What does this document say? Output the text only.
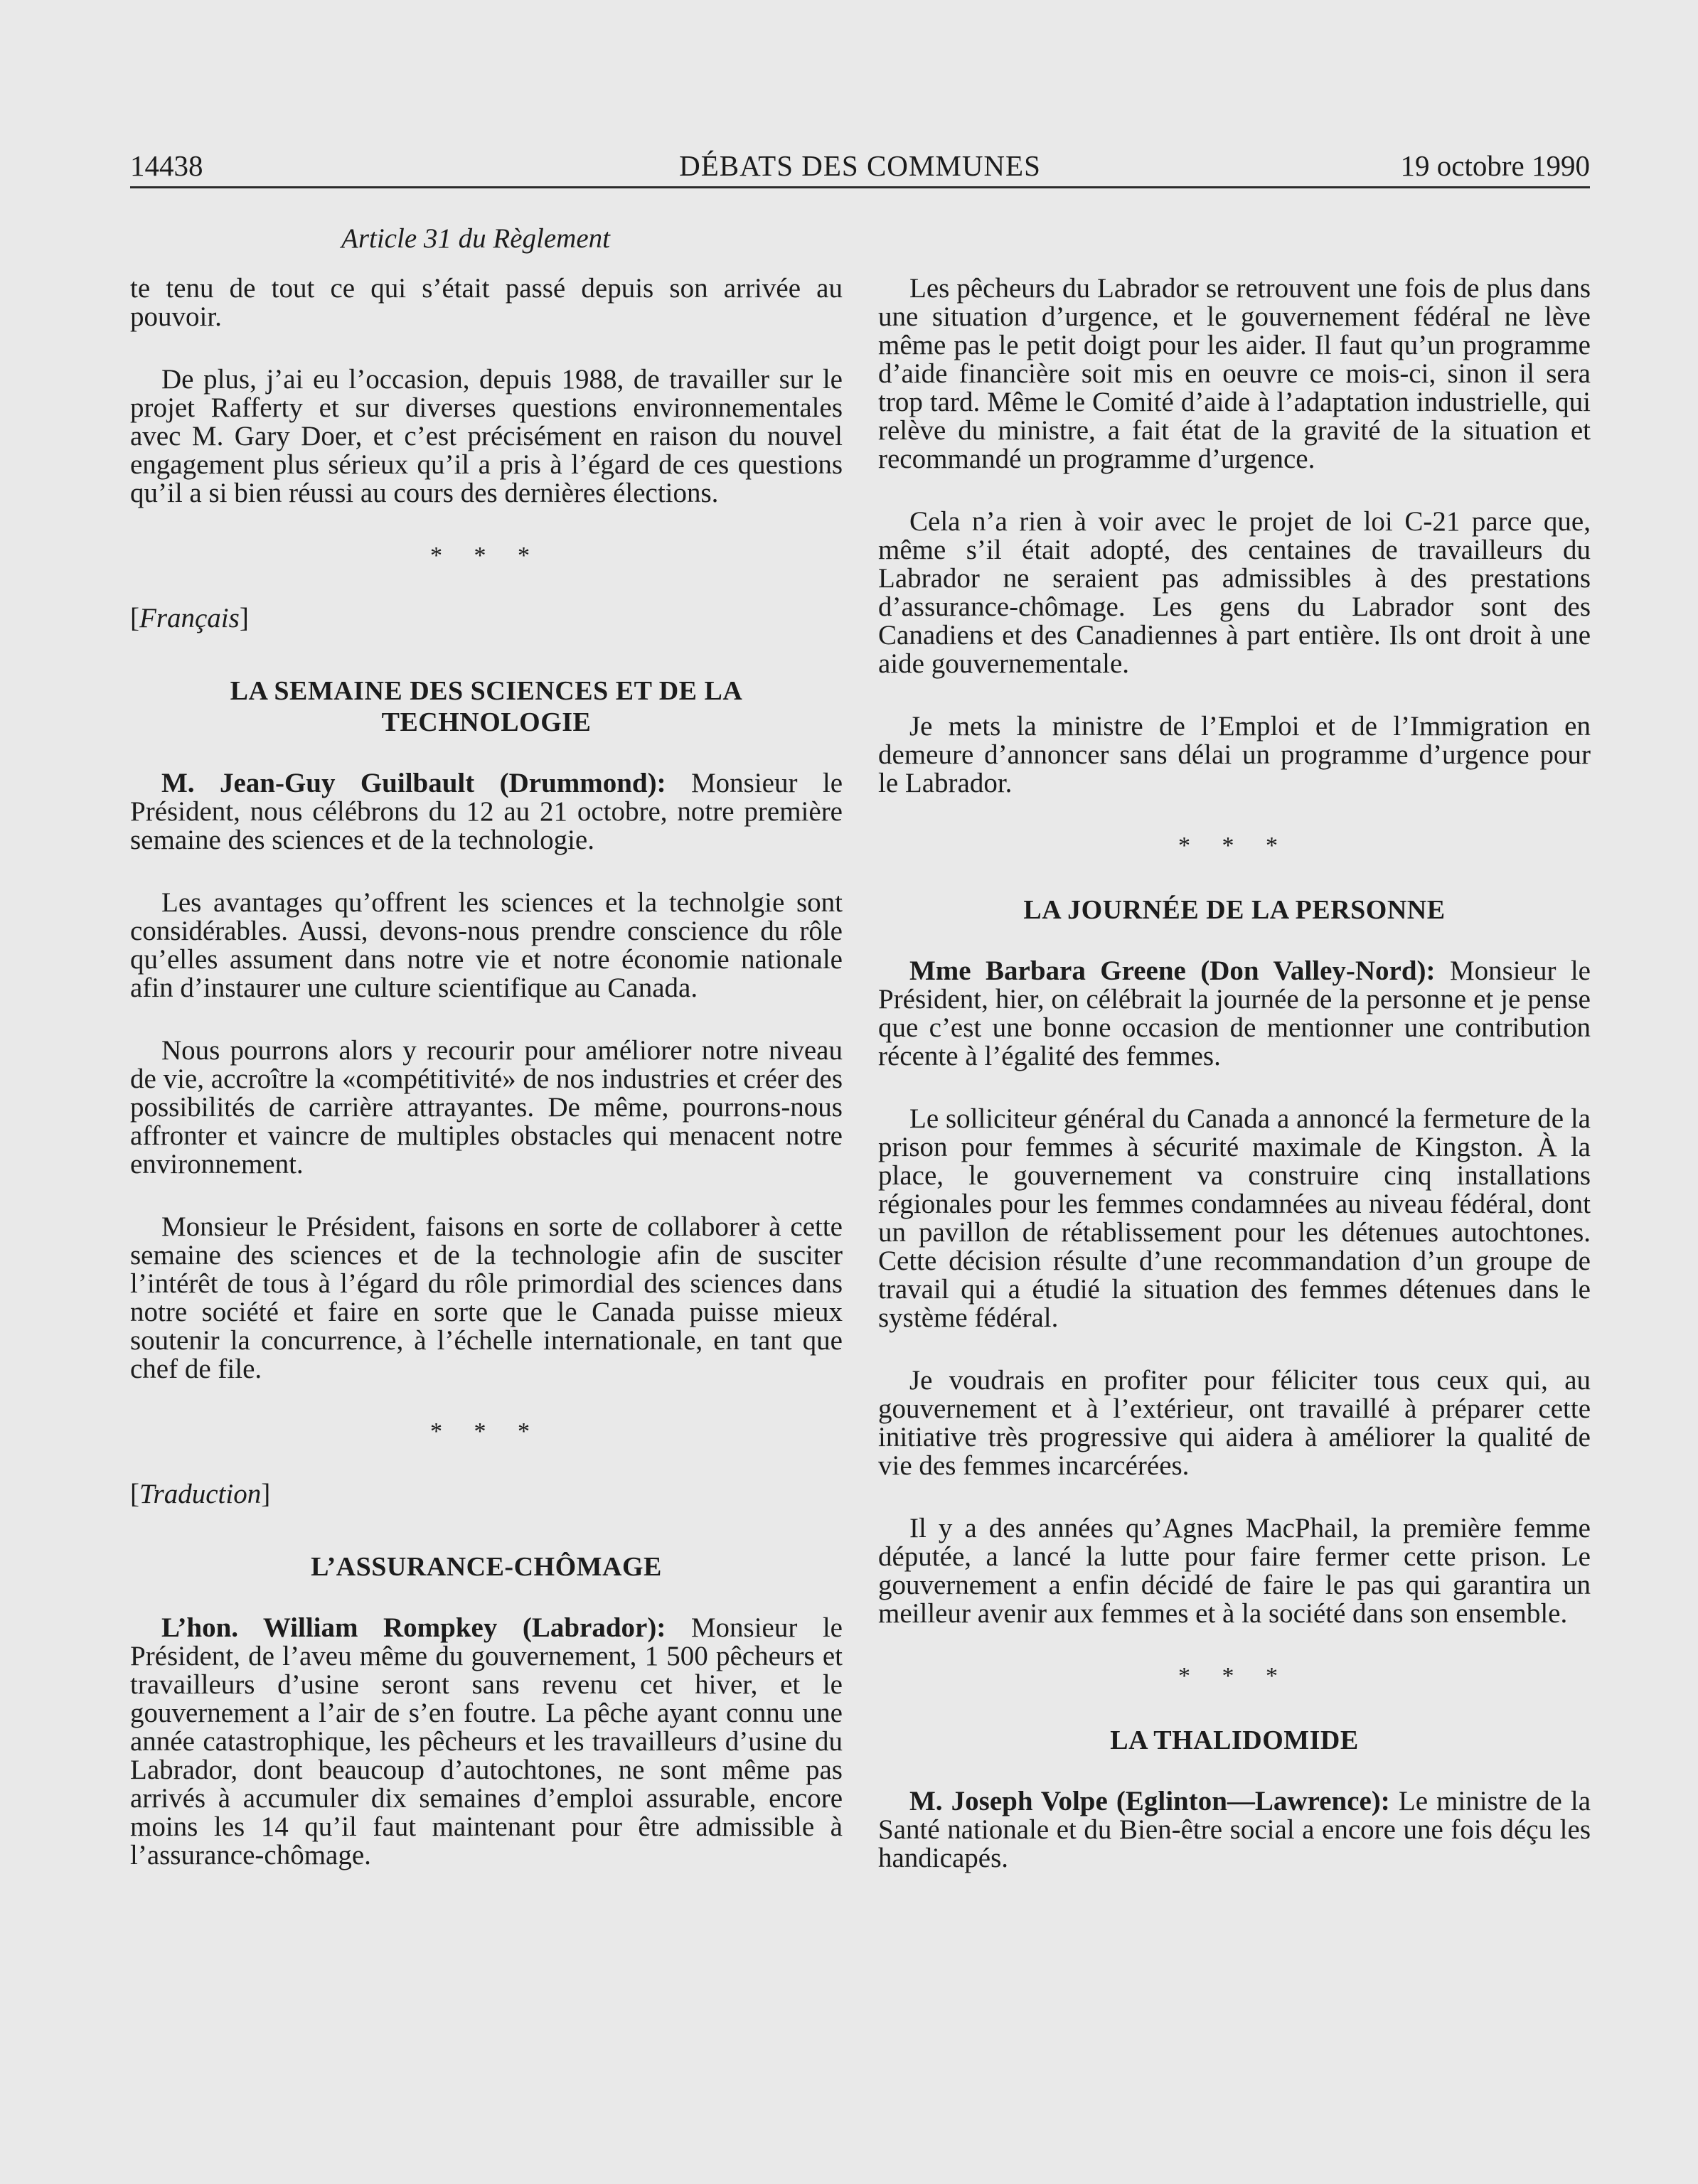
14438	DÉBATS DES COMMUNES	19 octobre 1990
Article 31 du Règlement

te tenu de tout ce qui s’était passé depuis son arrivée au pouvoir.

De plus, j’ai eu l’occasion, depuis 1988, de travailler sur le projet Rafferty et sur diverses questions environnementales avec M. Gary Doer, et c’est précisément en raison du nouvel engagement plus sérieux qu’il a pris à l’égard de ces questions qu’il a si bien réussi au cours des dernières élections.

* * *
[Français]
LA SEMAINE DES SCIENCES ET DE LA TECHNOLOGIE

M. Jean-Guy Guilbault (Drummond): Monsieur le Président, nous célébrons du 12 au 21 octobre, notre première semaine des sciences et de la technologie.

Les avantages qu’offrent les sciences et la technolgie sont considérables. Aussi, devons-nous prendre conscience du rôle qu’elles assument dans notre vie et notre économie nationale afin d’instaurer une culture scientifique au Canada.

Nous pourrons alors y recourir pour améliorer notre niveau de vie, accroître la «compétitivité» de nos industries et créer des possibilités de carrière attrayantes. De même, pourrons-nous affronter et vaincre de multiples obstacles qui menacent notre environnement.

Monsieur le Président, faisons en sorte de collaborer à cette semaine des sciences et de la technologie afin de susciter l’intérêt de tous à l’égard du rôle primordial des sciences dans notre société et faire en sorte que le Canada puisse mieux soutenir la concurrence, à l’échelle internationale, en tant que chef de file.

* * *
[Traduction]
L’ASSURANCE-CHÔMAGE

L’hon. William Rompkey (Labrador): Monsieur le Président, de l’aveu même du gouvernement, 1 500 pêcheurs et travailleurs d’usine seront sans revenu cet hiver, et le gouvernement a l’air de s’en foutre. La pêche ayant connu une année catastrophique, les pêcheurs et les travailleurs d’usine du Labrador, dont beaucoup d’autochtones, ne sont même pas arrivés à accumuler dix semaines d’emploi assurable, encore moins les 14 qu’il faut maintenant pour être admissible à l’assurance-chômage.

Les pêcheurs du Labrador se retrouvent une fois de plus dans une situation d’urgence, et le gouvernement fédéral ne lève même pas le petit doigt pour les aider. Il faut qu’un programme d’aide financière soit mis en oeuvre ce mois-ci, sinon il sera trop tard. Même le Comité d’aide à l’adaptation industrielle, qui relève du ministre, a fait état de la gravité de la situation et recommandé un programme d’urgence.

Cela n’a rien à voir avec le projet de loi C-21 parce que, même s’il était adopté, des centaines de travailleurs du Labrador ne seraient pas admissibles à des prestations d’assurance-chômage. Les gens du Labrador sont des Canadiens et des Canadiennes à part entière. Ils ont droit à une aide gouvernementale.

Je mets la ministre de l’Emploi et de l’Immigration en demeure d’annoncer sans délai un programme d’urgence pour le Labrador.

* * *
LA JOURNÉE DE LA PERSONNE

Mme Barbara Greene (Don Valley-Nord): Monsieur le Président, hier, on célébrait la journée de la personne et je pense que c’est une bonne occasion de mentionner une contribution récente à l’égalité des femmes.

Le solliciteur général du Canada a annoncé la fermeture de la prison pour femmes à sécurité maximale de Kingston. À la place, le gouvernement va construire cinq installations régionales pour les femmes condamnées au niveau fédéral, dont un pavillon de rétablissement pour les détenues autochtones. Cette décision résulte d’une recommandation d’un groupe de travail qui a étudié la situation des femmes détenues dans le système fédéral.

Je voudrais en profiter pour féliciter tous ceux qui, au gouvernement et à l’extérieur, ont travaillé à préparer cette initiative très progressive qui aidera à améliorer la qualité de vie des femmes incarcérées.

Il y a des années qu’Agnes MacPhail, la première femme députée, a lancé la lutte pour faire fermer cette prison. Le gouvernement a enfin décidé de faire le pas qui garantira un meilleur avenir aux femmes et à la société dans son ensemble.

* * *
LA THALIDOMIDE

M. Joseph Volpe (Eglinton—Lawrence): Le ministre de la Santé nationale et du Bien-être social a encore une fois déçu les handicapés.
